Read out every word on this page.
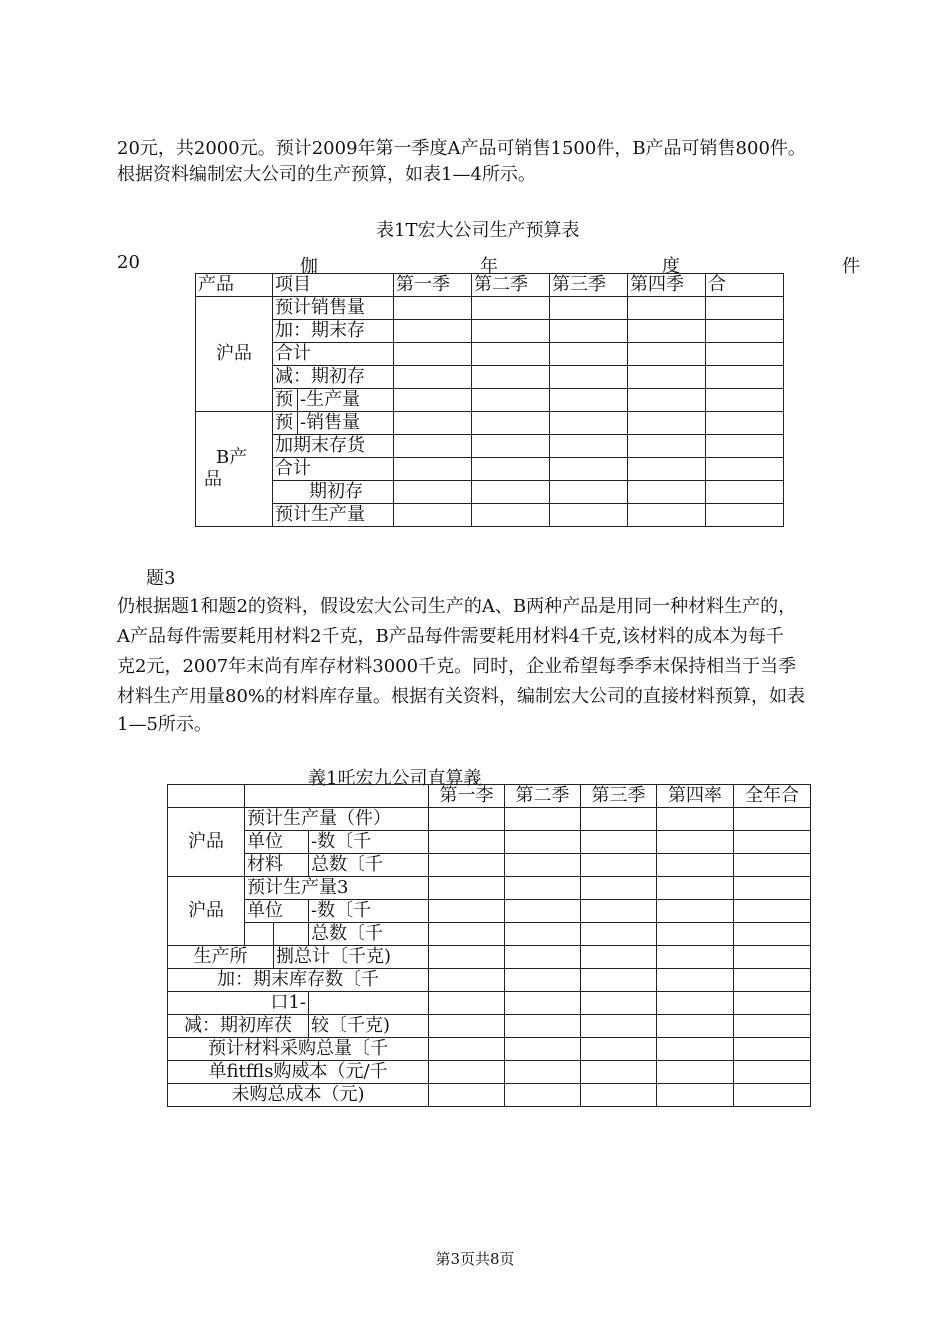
20元，共2000元。预计2009年第一季度A产品可销售1500件，B产品可销售800件。
根据资料编制宏大公司的生产预算，如表1—4所示。
表1T宏大公司生产预算表
20	伽	年	度	件
产品	项目		第一季	第二季	第三季	第四季	合
沪品	预计销售量						
	加：期末存						
	合计						
	减：期初存						
	预	-生产量					

B产
品	预	-销售量					
	加期末存货						
	合计						
	期初存						
	预计生产量						
题3
仍根据题1和题2的资料，假设宏大公司生产的A、B两种产品是用同一种材料生产的，
A产品每件需要耗用材料2千克，B产品每件需要耗用材料4千克,该材料的成本为每千
克2元，2007年末尚有库存材料3000千克。同时，企业希望每季季末保持相当于当季
材料生产用量80%的材料库存量。根据有关资料，编制宏大公司的直接材料预算，如表
1—5所示。
義1吒宏九公司直算義
				第一李	第二季	第三季	第四率	全年合
沪品	预计生产量（件）							
	单位		-数〔千					
	材料		总数〔千					
沪品	预计生产量3							
	单位		-数〔千					
			总数〔千					
生产所		捌总计〔千克)						
加：期末库存数〔千								
口1-								
减：期初库茯			较〔千克)					
预计材料采购总量〔千								
单fitffls购威本（元/千								
未购总成本（元)								
第3页共8页
